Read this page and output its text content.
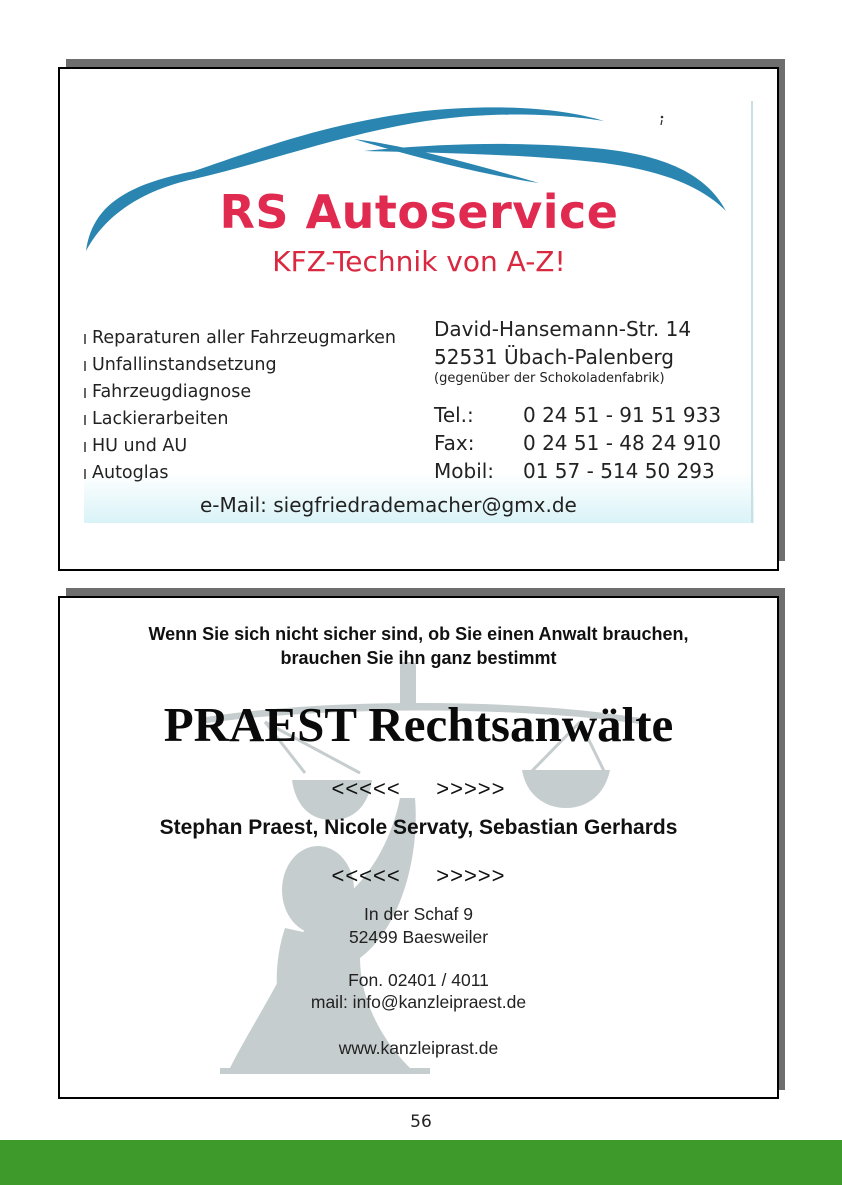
RS Autoservice
KFZ-Technik von A-Z!
Reparaturen aller Fahrzeugmarken
Unfallinstandsetzung
Fahrzeugdiagnose
Lackierarbeiten
HU und AU
Autoglas
David-Hansemann-Str. 14
52531 Übach-Palenberg
(gegenüber der Schokoladenfabrik)
Tel.: 0 24 51 - 91 51 933
Fax: 0 24 51 - 48 24 910
Mobil: 01 57 - 514 50 293
e-Mail: siegfriedrademacher@gmx.de
Wenn Sie sich nicht sicher sind, ob Sie einen Anwalt brauchen,
brauchen Sie ihn ganz bestimmt
PRAEST Rechtsanwälte
<<<<<     >>>>>
Stephan Praest, Nicole Servaty, Sebastian Gerhards
<<<<<     >>>>>
In der Schaf 9
52499 Baesweiler
Fon. 02401 / 4011
mail: info@kanzleipraest.de
www.kanzleiprast.de
56
